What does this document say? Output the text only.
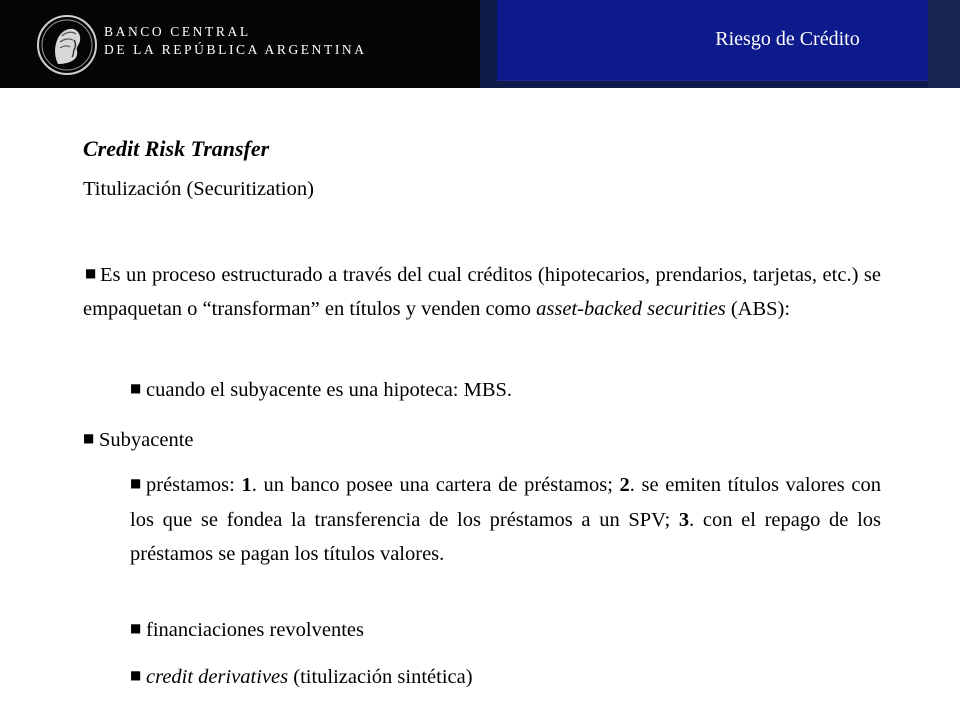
BANCO CENTRAL
DE LA REPÚBLICA ARGENTINA	Riesgo de Crédito
Credit Risk Transfer
Titulización (Securitization)
■ Es un proceso estructurado a través del cual créditos (hipotecarios, prendarios, tarjetas, etc.) se empaquetan o “transforman” en títulos y venden como asset-backed securities (ABS):
■ cuando el subyacente es una hipoteca: MBS.
■ Subyacente
■ préstamos: 1. un banco posee una cartera de préstamos; 2. se emiten títulos valores con los que se fondea la transferencia de los préstamos a un SPV; 3. con el repago de los préstamos se pagan los títulos valores.
■ financiaciones revolventes
■ credit derivatives (titulización sintética)
